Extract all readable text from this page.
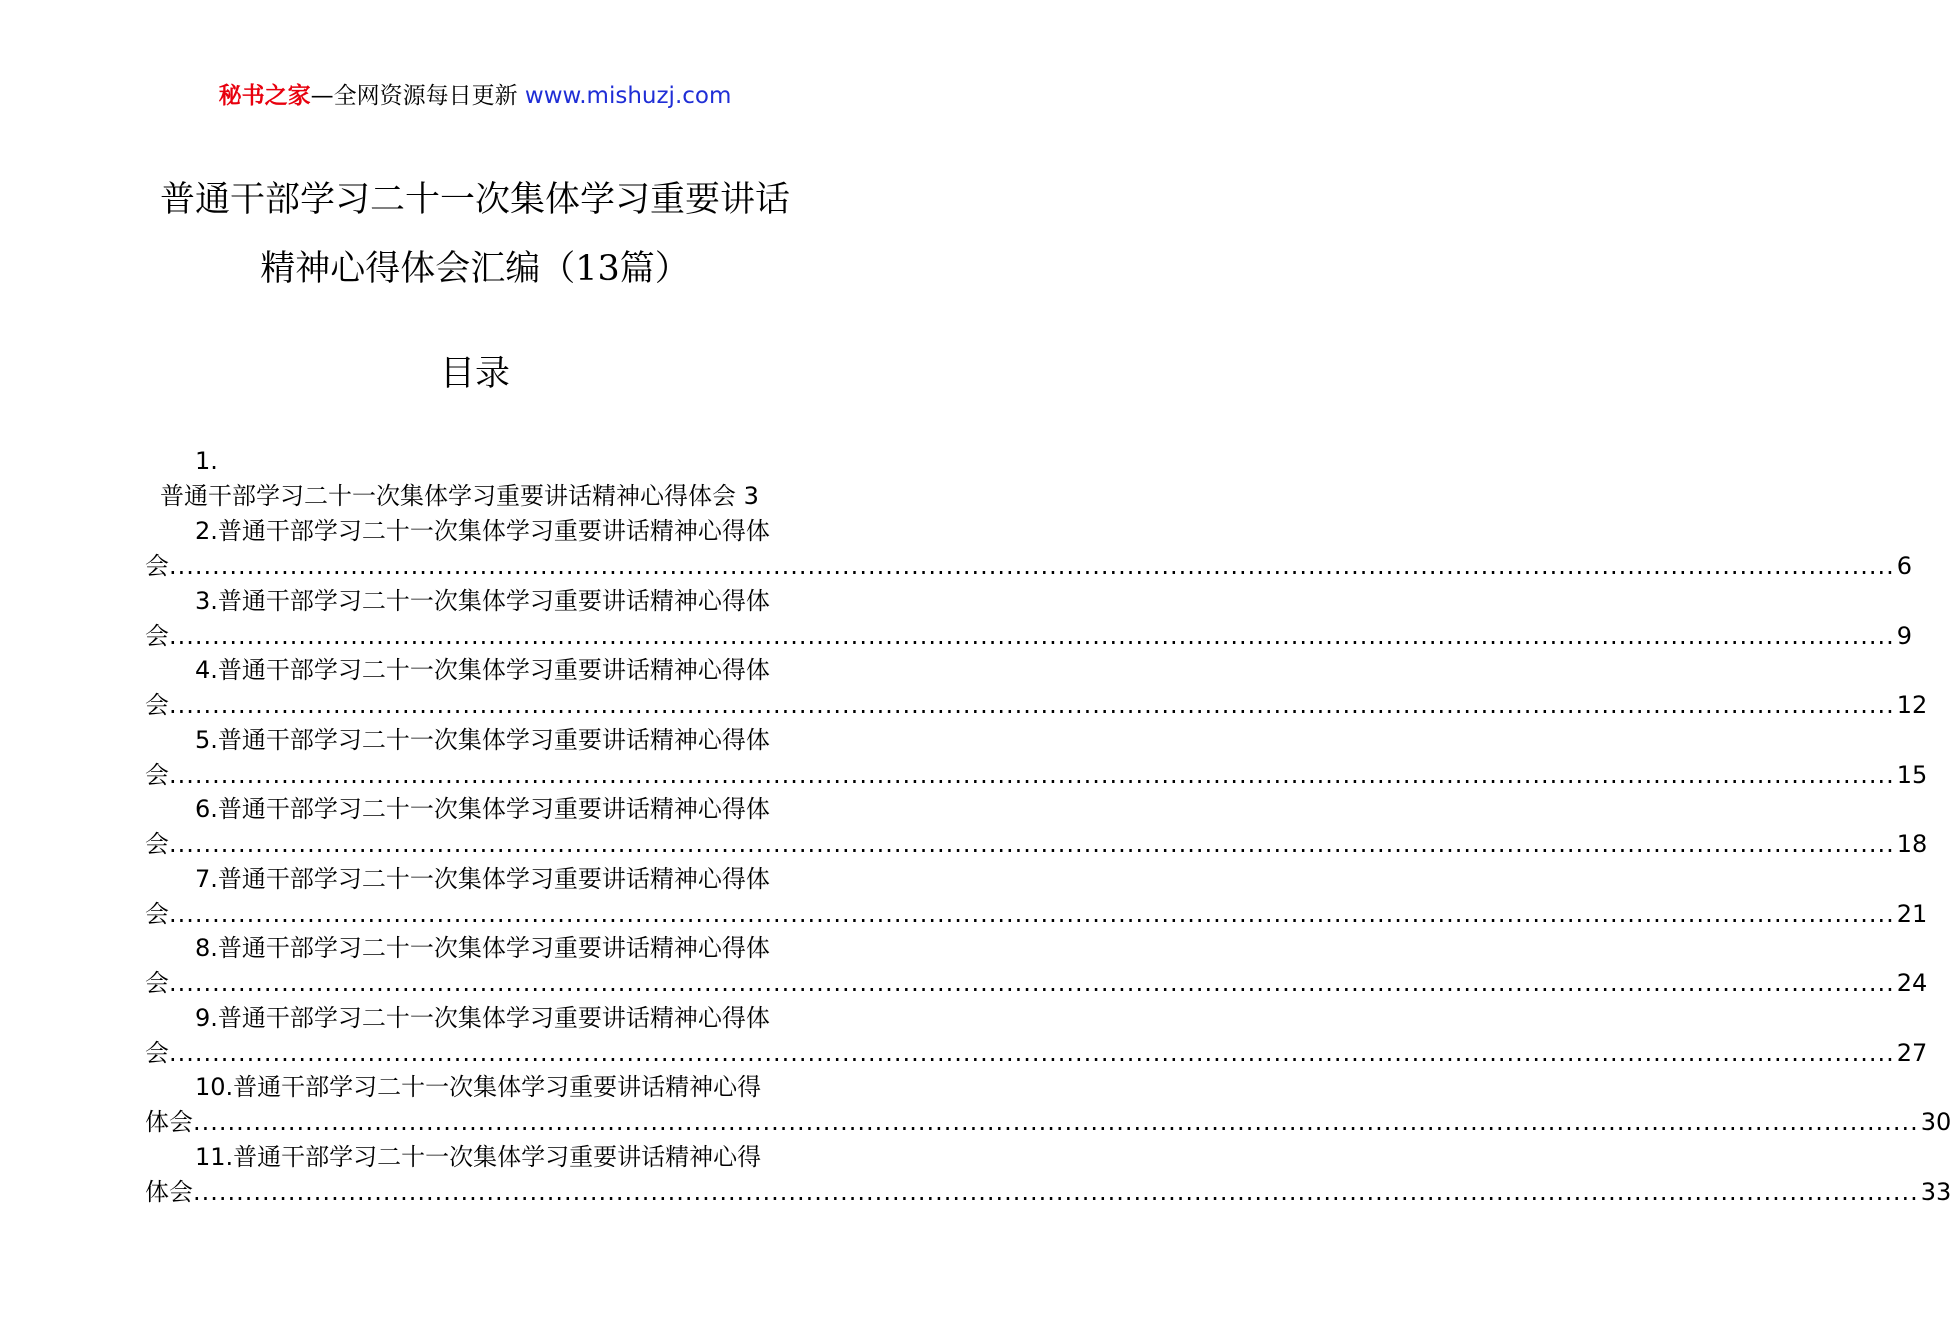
秘书之家—全网资源每日更新 www.mishuzj.com
普通干部学习二十一次集体学习重要讲话
精神心得体会汇编（13篇）
目录
1.
普通干部学习二十一次集体学习重要讲话精神心得体会 3
2.普通干部学习二十一次集体学习重要讲话精神心得体
会 ........................................................................................................................................................................................................ 6
3.普通干部学习二十一次集体学习重要讲话精神心得体
会 ........................................................................................................................................................................................................ 9
4.普通干部学习二十一次集体学习重要讲话精神心得体
会 ........................................................................................................................................................................................................ 12
5.普通干部学习二十一次集体学习重要讲话精神心得体
会 ........................................................................................................................................................................................................ 15
6.普通干部学习二十一次集体学习重要讲话精神心得体
会 ........................................................................................................................................................................................................ 18
7.普通干部学习二十一次集体学习重要讲话精神心得体
会 ........................................................................................................................................................................................................ 21
8.普通干部学习二十一次集体学习重要讲话精神心得体
会 ........................................................................................................................................................................................................ 24
9.普通干部学习二十一次集体学习重要讲话精神心得体
会 ........................................................................................................................................................................................................ 27
10.普通干部学习二十一次集体学习重要讲话精神心得
体会 ........................................................................................................................................................................................................ 30
11.普通干部学习二十一次集体学习重要讲话精神心得
体会 ........................................................................................................................................................................................................ 33
